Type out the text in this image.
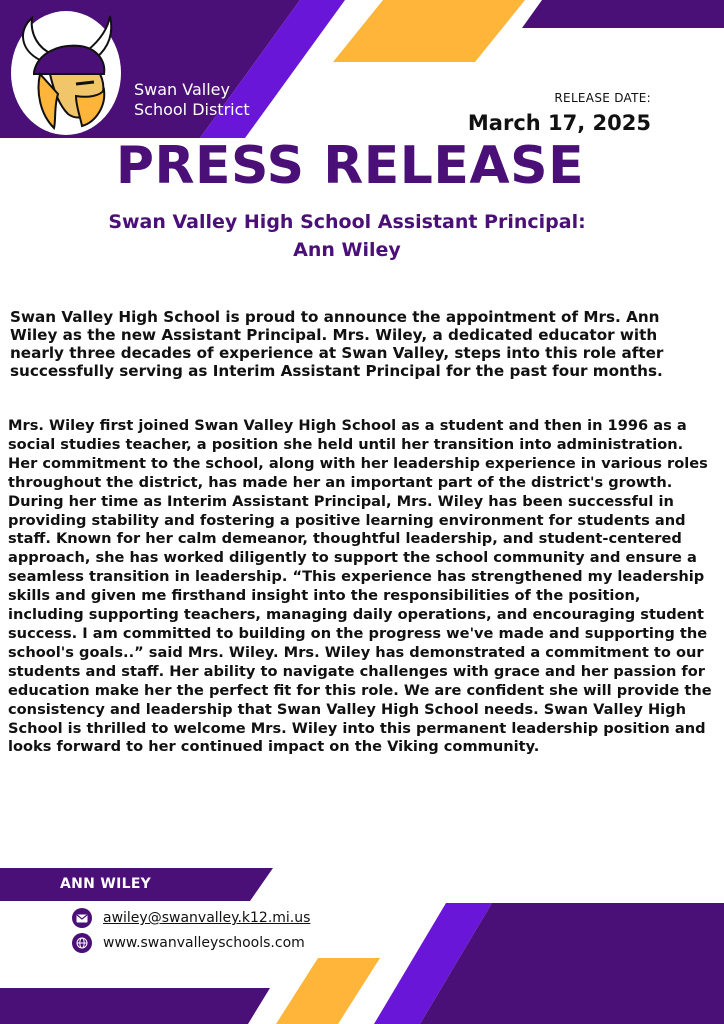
Swan Valley
School District
RELEASE DATE:
March 17, 2025
PRESS RELEASE
Swan Valley High School Assistant Principal:
Ann Wiley
Swan Valley High School is proud to announce the appointment of Mrs. Ann Wiley as the new Assistant Principal. Mrs. Wiley, a dedicated educator with nearly three decades of experience at Swan Valley, steps into this role after successfully serving as Interim Assistant Principal for the past four months.
Mrs. Wiley first joined Swan Valley High School as a student and then in 1996 as a social studies teacher, a position she held until her transition into administration. Her commitment to the school, along with her leadership experience in various roles throughout the district, has made her an important part of the district's growth. During her time as Interim Assistant Principal, Mrs. Wiley has been successful in providing stability and fostering a positive learning environment for students and staff. Known for her calm demeanor, thoughtful leadership, and student-centered approach, she has worked diligently to support the school community and ensure a seamless transition in leadership. “This experience has strengthened my leadership skills and given me firsthand insight into the responsibilities of the position, including supporting teachers, managing daily operations, and encouraging student success. I am committed to building on the progress we've made and supporting the school's goals..” said Mrs. Wiley. Mrs. Wiley has demonstrated a commitment to our students and staff. Her ability to navigate challenges with grace and her passion for education make her the perfect fit for this role. We are confident she will provide the consistency and leadership that Swan Valley High School needs. Swan Valley High School is thrilled to welcome Mrs. Wiley into this permanent leadership position and looks forward to her continued impact on the Viking community.
ANN WILEY
awiley@swanvalley.k12.mi.us
www.swanvalleyschools.com
